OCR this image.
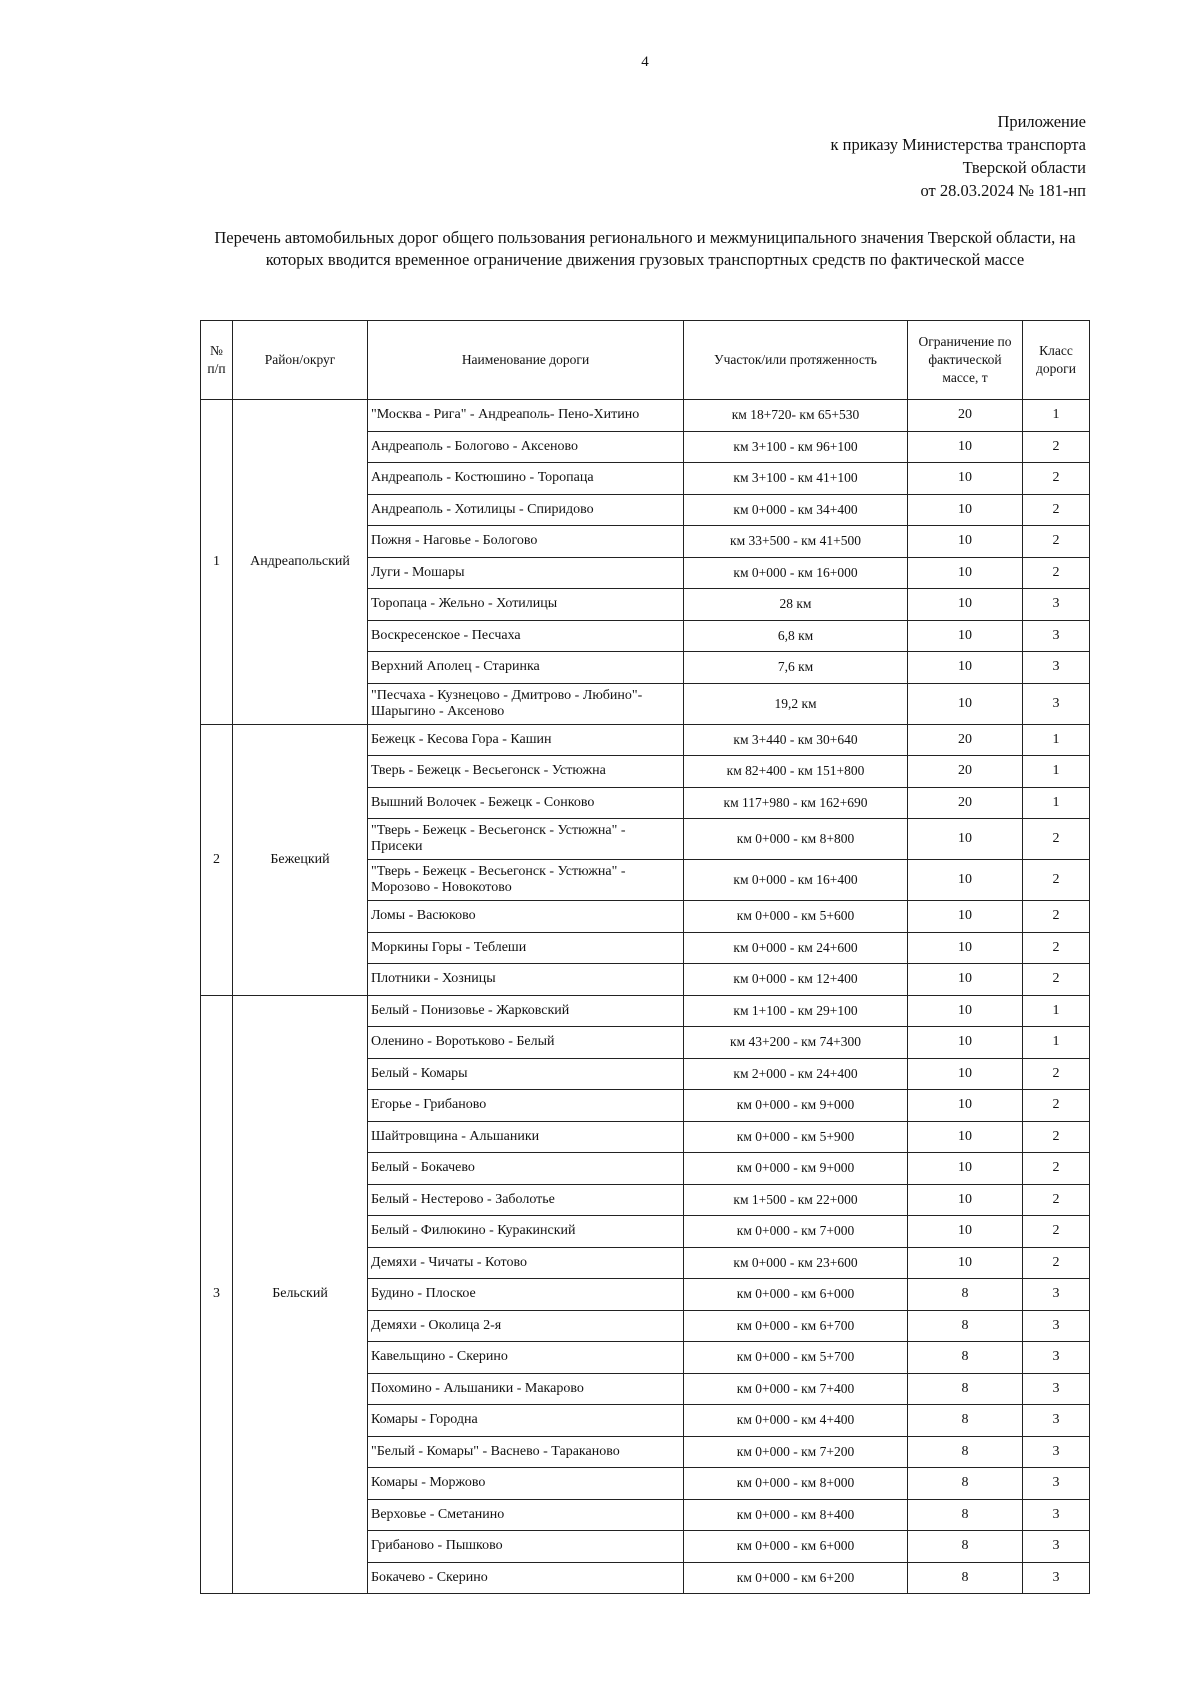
4
Приложение
к приказу Министерства транспорта
Тверской области
от 28.03.2024 № 181-нп
Перечень автомобильных дорог общего пользования регионального и межмуниципального значения Тверской области, на которых вводится временное ограничение движения грузовых транспортных средств по фактической массе
№ п/п	Район/округ	Наименование дороги	Участок/или протяженность	Ограничение по фактической массе, т	Класс дороги
1	Андреапольский	"Москва - Рига" - Андреаполь- Пено-Хитино	км 18+720- км 65+530	20	1
		Андреаполь - Бологово - Аксеново	км 3+100 - км 96+100	10	2
		Андреаполь - Костюшино - Торопаца	км 3+100 - км 41+100	10	2
		Андреаполь - Хотилицы - Спиридово	км 0+000 - км 34+400	10	2
		Пожня - Наговье - Бологово	км 33+500 - км 41+500	10	2
		Луги - Мошары	км 0+000 - км 16+000	10	2
		Торопаца - Жельно - Хотилицы	28 км	10	3
		Воскресенское - Песчаха	6,8 км	10	3
		Верхний Аполец - Старинка	7,6 км	10	3
		"Песчаха - Кузнецово - Дмитрово - Любино"- Шарыгино - Аксеново	19,2 км	10	3
2	Бежецкий	Бежецк - Кесова Гора - Кашин	км 3+440 - км 30+640	20	1
		Тверь - Бежецк - Весьегонск - Устюжна	км 82+400 - км 151+800	20	1
		Вышний Волочек - Бежецк - Сонково	км 117+980 - км 162+690	20	1
		"Тверь - Бежецк - Весьегонск - Устюжна" - Присеки	км 0+000 - км 8+800	10	2
		"Тверь - Бежецк - Весьегонск - Устюжна" - Морозово - Новокотово	км 0+000 - км 16+400	10	2
		Ломы - Васюково	км 0+000 - км 5+600	10	2
		Моркины Горы - Теблеши	км 0+000 - км 24+600	10	2
		Плотники - Хозницы	км 0+000 - км 12+400	10	2
3	Бельский	Белый - Понизовье - Жарковский	км 1+100 - км 29+100	10	1
		Оленино - Воротьково - Белый	км 43+200 - км 74+300	10	1
		Белый - Комары	км 2+000 - км 24+400	10	2
		Егорье - Грибаново	км 0+000 - км 9+000	10	2
		Шайтровщина - Альшаники	км 0+000 - км 5+900	10	2
		Белый - Бокачево	км 0+000 - км 9+000	10	2
		Белый - Нестерово - Заболотье	км 1+500 - км 22+000	10	2
		Белый - Филюкино - Куракинский	км 0+000 - км 7+000	10	2
		Демяхи - Чичаты - Котово	км 0+000 - км 23+600	10	2
		Будино - Плоское	км 0+000 - км 6+000	8	3
		Демяхи - Околица 2-я	км 0+000 - км 6+700	8	3
		Кавельщино - Скерино	км 0+000 - км 5+700	8	3
		Похомино - Альшаники - Макарово	км 0+000 - км 7+400	8	3
		Комары - Городна	км 0+000 - км 4+400	8	3
		"Белый - Комары" - Васнево - Тараканово	км 0+000 - км 7+200	8	3
		Комары - Моржово	км 0+000 - км 8+000	8	3
		Верховье - Сметанино	км 0+000 - км 8+400	8	3
		Грибаново - Пышково	км 0+000 - км 6+000	8	3
		Бокачево - Скерино	км 0+000 - км 6+200	8	3
